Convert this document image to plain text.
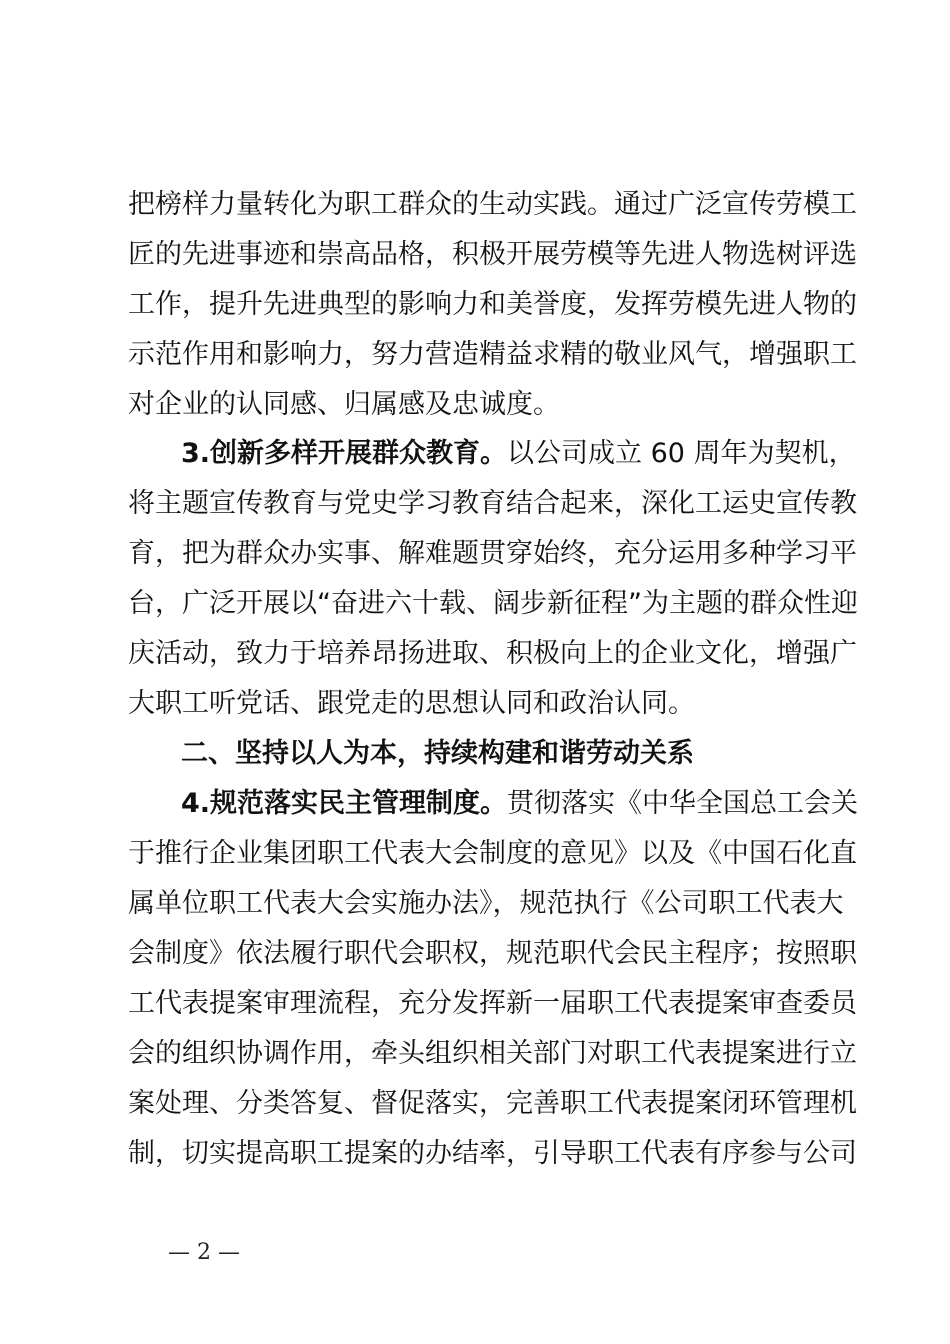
把榜样力量转化为职工群众的生动实践。通过广泛宣传劳模工
匠的先进事迹和崇高品格，积极开展劳模等先进人物选树评选
工作，提升先进典型的影响力和美誉度，发挥劳模先进人物的
示范作用和影响力，努力营造精益求精的敬业风气，增强职工
对企业的认同感、归属感及忠诚度。
3.创新多样开展群众教育。以公司成立 60 周年为契机，
将主题宣传教育与党史学习教育结合起来，深化工运史宣传教
育，把为群众办实事、解难题贯穿始终，充分运用多种学习平
台，广泛开展以“奋进六十载、阔步新征程”为主题的群众性迎
庆活动，致力于培养昂扬进取、积极向上的企业文化，增强广
大职工听党话、跟党走的思想认同和政治认同。
二、坚持以人为本，持续构建和谐劳动关系
4.规范落实民主管理制度。贯彻落实《中华全国总工会关
于推行企业集团职工代表大会制度的意见》以及《中国石化直
属单位职工代表大会实施办法》，规范执行《公司职工代表大
会制度》依法履行职代会职权，规范职代会民主程序；按照职
工代表提案审理流程，充分发挥新一届职工代表提案审查委员
会的组织协调作用，牵头组织相关部门对职工代表提案进行立
案处理、分类答复、督促落实，完善职工代表提案闭环管理机
制，切实提高职工提案的办结率，引导职工代表有序参与公司
— 2 —
